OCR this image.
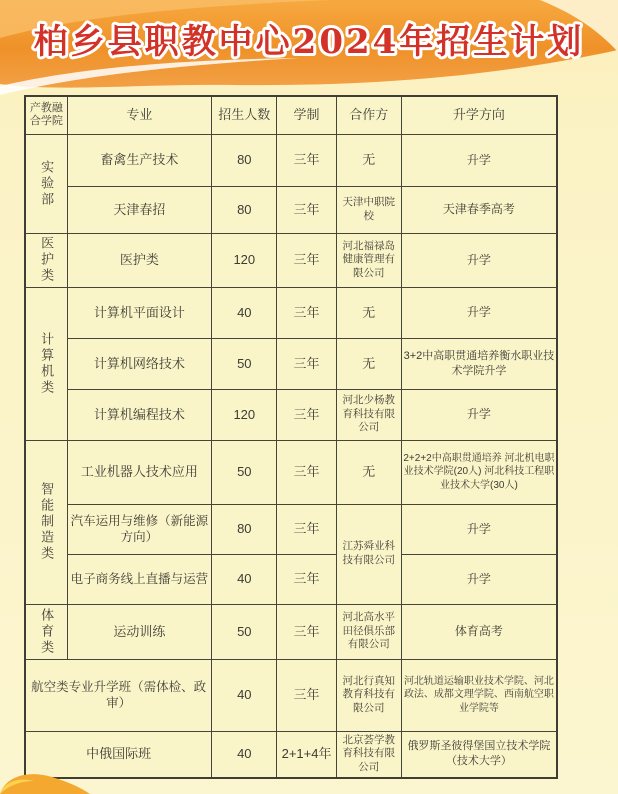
柏乡县职教中心2024年招生计划
产教融合学院	专业	招生人数	学制	合作方	升学方向

实验部	畜禽生产技术	80	三年	无	升学
	天津春招	80	三年	天津中职院校	天津春季高考

医护类	医护类	120	三年	河北福禄岛健康管理有限公司	升学

计算机类	计算机平面设计	40	三年	无	升学
	计算机网络技术	50	三年	无	3+2中高职贯通培养衡水职业技术学院升学
	计算机编程技术	120	三年	河北少杨教育科技有限公司	升学

智能制造类	工业机器人技术应用	50	三年	无	2+2+2中高职贯通培养 河北机电职业技术学院(20人) 河北科技工程职业技术大学(30人)
	汽车运用与维修（新能源方向）	80	三年	江苏舜业科技有限公司	升学
	电子商务线上直播与运营	40	三年		升学

体育类	运动训练	50	三年	河北高水平田径俱乐部有限公司	体育高考
航空类专业升学班（需体检、政审）		40	三年	河北行真知教育科技有限公司	河北轨道运输职业技术学院、河北政法、成都文理学院、西南航空职业学院等
中俄国际班		40	2+1+4年	北京荟学教育科技有限公司	俄罗斯圣彼得堡国立技术学院（技术大学）
